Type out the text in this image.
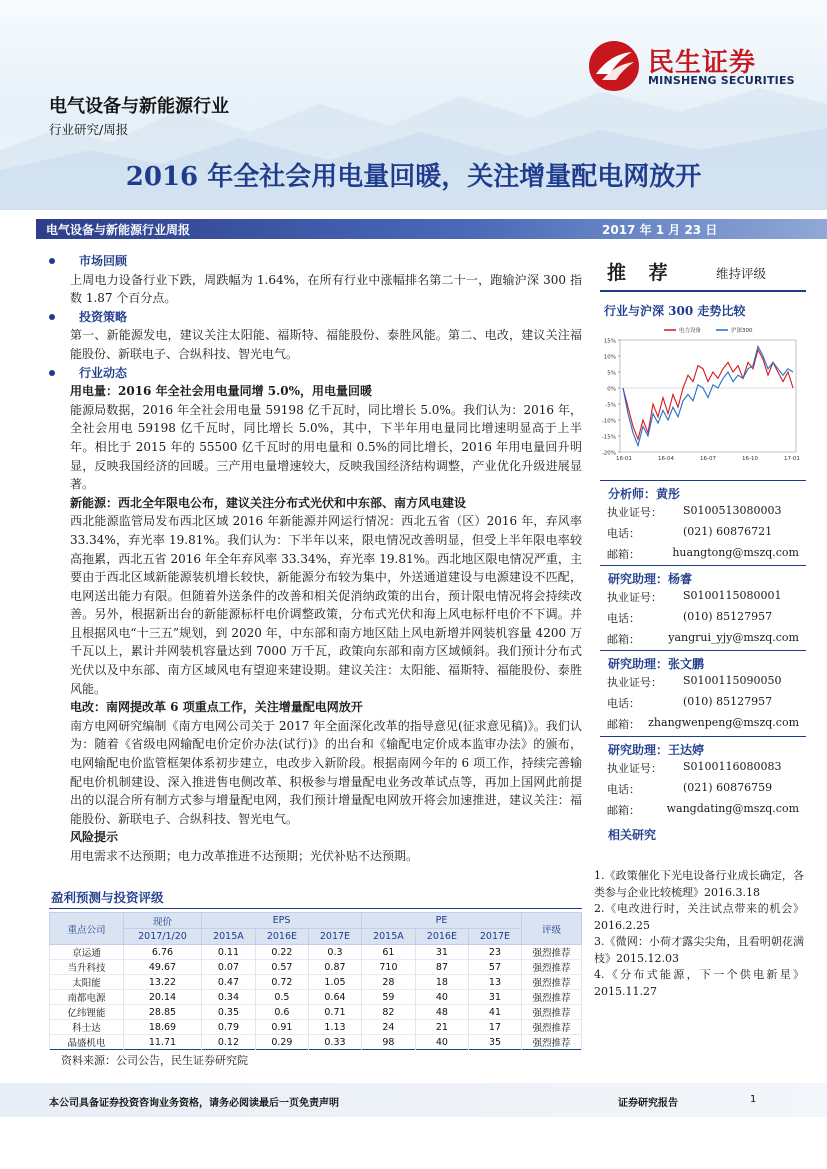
民生证券
MINSHENG SECURITIES
电气设备与新能源行业
行业研究/周报
2016 年全社会用电量回暖，关注增量配电网放开
电气设备与新能源行业周报	2017 年 1 月 23 日
市场回顾
上周电力设备行业下跌，周跌幅为 1.64%，在所有行业中涨幅排名第二十一，跑输沪深 300 指数 1.87 个百分点。
投资策略
第一、新能源发电，建议关注太阳能、福斯特、福能股份、泰胜风能。第二、电改，建议关注福能股份、新联电子、合纵科技、智光电气。
行业动态
用电量：2016 年全社会用电量同增 5.0%，用电量回暖
能源局数据，2016 年全社会用电量 59198 亿千瓦时，同比增长 5.0%。我们认为：2016 年，全社会用电 59198 亿千瓦时，同比增长 5.0%，其中，下半年用电量同比增速明显高于上半年。相比于 2015 年的 55500 亿千瓦时的用电量和 0.5%的同比增长，2016 年用电量回升明显，反映我国经济的回暖。三产用电量增速较大，反映我国经济结构调整，产业优化升级进展显著。
新能源：西北全年限电公布，建议关注分布式光伏和中东部、南方风电建设
西北能源监管局发布西北区域 2016 年新能源并网运行情况：西北五省（区）2016 年，弃风率 33.34%，弃光率 19.81%。我们认为：下半年以来，限电情况改善明显，但受上半年限电率较高拖累，西北五省 2016 年全年弃风率 33.34%，弃光率 19.81%。西北地区限电情况严重，主要由于西北区域新能源装机增长较快，新能源分布较为集中，外送通道建设与电源建设不匹配，电网送出能力有限。但随着外送条件的改善和相关促消纳政策的出台，预计限电情况将会持续改善。另外，根据新出台的新能源标杆电价调整政策，分布式光伏和海上风电标杆电价不下调。并且根据风电“十三五”规划，到 2020 年，中东部和南方地区陆上风电新增并网装机容量 4200 万千瓦以上，累计并网装机容量达到 7000 万千瓦，政策向东部和南方区域倾斜。我们预计分布式光伏以及中东部、南方区域风电有望迎来建设期。建议关注：太阳能、福斯特、福能股份、泰胜风能。
电改：南网提改革 6 项重点工作，关注增量配电网放开
南方电网研究编制《南方电网公司关于 2017 年全面深化改革的指导意见(征求意见稿)》。我们认为：随着《省级电网输配电价定价办法(试行)》的出台和《输配电定价成本监审办法》的颁布，电网输配电价监管框架体系初步建立，电改步入新阶段。根据南网今年的 6 项工作，持续完善输配电价机制建设、深入推进售电侧改革、积极参与增量配电业务改革试点等，再加上国网此前提出的以混合所有制方式参与增量配电网，我们预计增量配电网放开将会加速推进，建议关注：福能股份、新联电子、合纵科技、智光电气。
风险提示
用电需求不达预期；电力改革推进不达预期；光伏补贴不达预期。
盈利预测与投资评级
重点公司	现价	EPS			PE			评级
	2017/1/20	2015A	2016E	2017E	2015A	2016E	2017E	
京运通	6.76	0.11	0.22	0.3	61	31	23	强烈推荐
当升科技	49.67	0.07	0.57	0.87	710	87	57	强烈推荐
太阳能	13.22	0.47	0.72	1.05	28	18	13	强烈推荐
南都电源	20.14	0.34	0.5	0.64	59	40	31	强烈推荐
亿纬锂能	28.85	0.35	0.6	0.71	82	48	41	强烈推荐
科士达	18.69	0.79	0.91	1.13	24	21	17	强烈推荐
晶盛机电	11.71	0.12	0.29	0.33	98	40	35	强烈推荐
资料来源：公司公告，民生证券研究院
推 荐	维持评级
行业与沪深 300 走势比较
15%
10%
5%
0%
-5%
-10%
-15%
-20%
16-01	16-04	16-07	16-10	17-01
电力设备	沪深300
分析师：黄彤
执业证号： S0100513080003
电话：	(021) 60876721
邮箱：	huangtong@mszq.com
研究助理：杨睿
执业证号： S0100115080001
电话：	(010) 85127957
邮箱：	yangrui_yjy@mszq.com
研究助理：张文鹏
执业证号： S0100115090050
电话：	(010) 85127957
邮箱： zhangwenpeng@mszq.com
研究助理：王达婷
执业证号： S0100116080083
电话：	(021) 60876759
邮箱： wangdating@mszq.com
相关研究
1.《政策催化下光电设备行业成长确定，各类参与企业比较梳理》2016.3.18
2.《电改进行时，关注试点带来的机会》2016.2.25
3.《微网：小荷才露尖尖角，且看明朝花满枝》2015.12.03
4.《分布式能源，下一个供电新星》2015.11.27
本公司具备证券投资咨询业务资格，请务必阅读最后一页免责声明	证券研究报告	1
